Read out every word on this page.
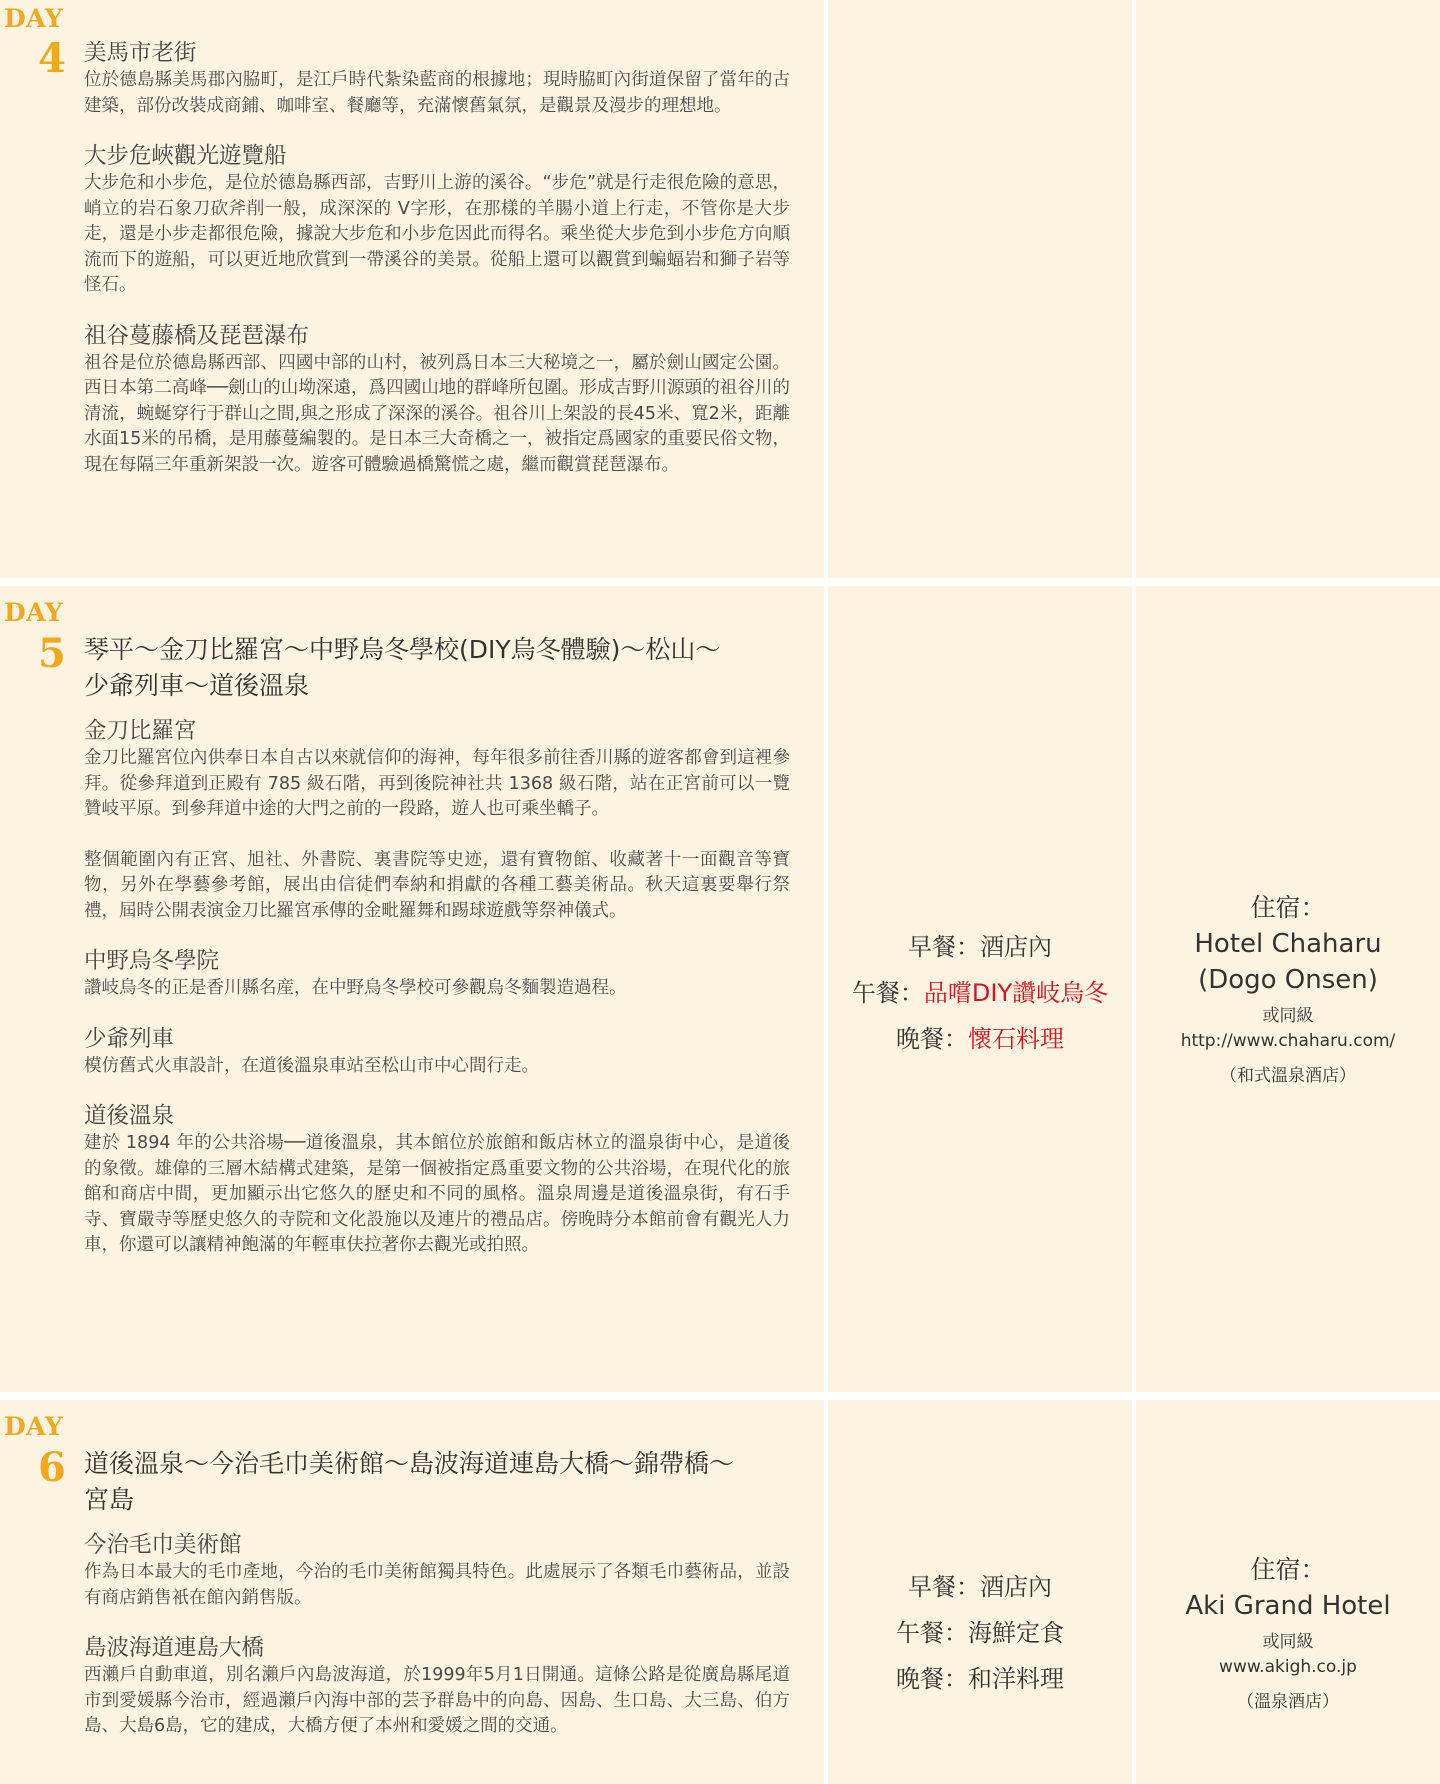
DAY
4 美馬市老街
位於德島縣美馬郡內脇町，是江戶時代紮染藍商的根據地；現時脇町內街道保留了當年的古建築，部份改裝成商鋪、咖啡室、餐廳等，充滿懷舊氣氛，是觀景及漫步的理想地。
大步危峽觀光遊覽船
大步危和小步危，是位於德島縣西部，吉野川上游的溪谷。“步危”就是行走很危險的意思，峭立的岩石象刀砍斧削一般，成深深的 V字形，在那樣的羊腸小道上行走，不管你是大步走，還是小步走都很危險，據說大步危和小步危因此而得名。乘坐從大步危到小步危方向順流而下的遊船，可以更近地欣賞到一帶溪谷的美景。從船上還可以觀賞到蝙蝠岩和獅子岩等怪石。
祖谷蔓藤橋及琵琶瀑布
祖谷是位於德島縣西部、四國中部的山村，被列爲日本三大秘境之一，屬於劍山國定公園。西日本第二高峰──劍山的山坳深遠，爲四國山地的群峰所包圍。形成吉野川源頭的祖谷川的清流，蜿蜒穿行于群山之間,與之形成了深深的溪谷。祖谷川上架設的長45米、寬2米，距離水面15米的吊橋，是用藤蔓編製的。是日本三大奇橋之一，被指定爲國家的重要民俗文物，現在每隔三年重新架設一次。遊客可體驗過橋驚慌之處，繼而觀賞琵琶瀑布。
DAY
5 琴平～金刀比羅宮～中野烏冬學校(DIY烏冬體驗)～松山～
少爺列車～道後溫泉
金刀比羅宮
金刀比羅宮位內供奉日本自古以來就信仰的海神，每年很多前往香川縣的遊客都會到這裡參拜。從參拜道到正殿有 785 級石階，再到後院神社共 1368 級石階，站在正宮前可以一覽贊岐平原。到參拜道中途的大門之前的一段路，遊人也可乘坐轎子。
整個範圍內有正宮、旭社、外書院、裏書院等史迹，還有寶物館、收藏著十一面觀音等寶物，另外在學藝參考館，展出由信徒們奉納和捐獻的各種工藝美術品。秋天這裏要舉行祭禮，屆時公開表演金刀比羅宮承傳的金毗羅舞和踢球遊戲等祭神儀式。
中野烏冬學院
讚岐烏冬的正是香川縣名産，在中野烏冬學校可參觀烏冬麵製造過程。
少爺列車
模仿舊式火車設計，在道後溫泉車站至松山市中心間行走。
道後溫泉
建於 1894 年的公共浴場──道後溫泉，其本館位於旅館和飯店林立的溫泉街中心，是道後的象徵。雄偉的三層木結構式建築，是第一個被指定爲重要文物的公共浴場，在現代化的旅館和商店中間，更加顯示出它悠久的歷史和不同的風格。溫泉周邊是道後溫泉街，有石手寺、寶嚴寺等歷史悠久的寺院和文化設施以及連片的禮品店。傍晚時分本館前會有觀光人力車，你還可以讓精神飽滿的年輕車伕拉著你去觀光或拍照。
早餐：酒店內
午餐：品嚐DIY讚岐烏冬
晚餐：懷石料理
住宿：
Hotel Chaharu
(Dogo Onsen)
或同級
http://www.chaharu.com/
（和式溫泉酒店）
DAY
6 道後溫泉～今治毛巾美術館～島波海道連島大橋～錦帶橋～
宮島
今治毛巾美術館
作為日本最大的毛巾產地，今治的毛巾美術館獨具特色。此處展示了各類毛巾藝術品，並設有商店銷售衹在館內銷售版。
島波海道連島大橋
西瀨戶自動車道，別名瀨戶內島波海道，於1999年5月1日開通。這條公路是從廣島縣尾道市到愛媛縣今治市，經過瀨戶內海中部的芸予群島中的向島、因島、生口島、大三島、伯方島、大島6島，它的建成，大橋方便了本州和愛媛之間的交通。
早餐：酒店內
午餐：海鮮定食
晚餐：和洋料理
住宿：
Aki Grand Hotel
或同級
www.akigh.co.jp
（溫泉酒店）
